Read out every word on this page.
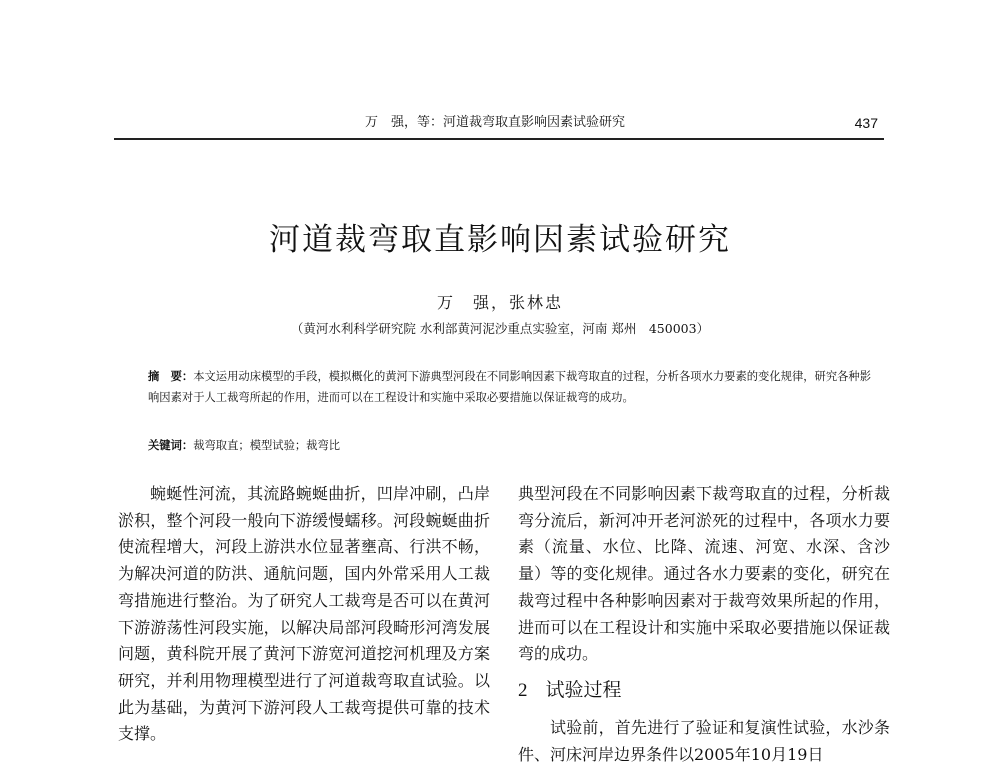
万　强，等：河道裁弯取直影响因素试验研究	437
河道裁弯取直影响因素试验研究
万　强，张林忠
（黄河水利科学研究院 水利部黄河泥沙重点实验室，河南 郑州　450003）
摘　要：本文运用动床模型的手段，模拟概化的黄河下游典型河段在不同影响因素下裁弯取直的过程，分析各项水力要素的变化规律，研究各种影响因素对于人工裁弯所起的作用，进而可以在工程设计和实施中采取必要措施以保证裁弯的成功。
关键词：裁弯取直；模型试验；裁弯比

蜿蜒性河流，其流路蜿蜒曲折，凹岸冲刷，凸岸淤积，整个河段一般向下游缓慢蠕移。河段蜿蜒曲折使流程增大，河段上游洪水位显著壅高、行洪不畅，为解决河道的防洪、通航问题，国内外常采用人工裁弯措施进行整治。为了研究人工裁弯是否可以在黄河下游游荡性河段实施，以解决局部河段畸形河湾发展问题，黄科院开展了黄河下游宽河道挖河机理及方案研究，并利用物理模型进行了河道裁弯取直试验。以此为基础，为黄河下游河段人工裁弯提供可靠的技术支撑。

典型河段在不同影响因素下裁弯取直的过程，分析裁弯分流后，新河冲开老河淤死的过程中，各项水力要素（流量、水位、比降、流速、河宽、水深、含沙量）等的变化规律。通过各水力要素的变化，研究在裁弯过程中各种影响因素对于裁弯效果所起的作用，进而可以在工程设计和实施中采取必要措施以保证裁弯的成功。

2 试验过程

试验前，首先进行了验证和复演性试验，水沙条件、河床河岸边界条件以2005年10月19日
